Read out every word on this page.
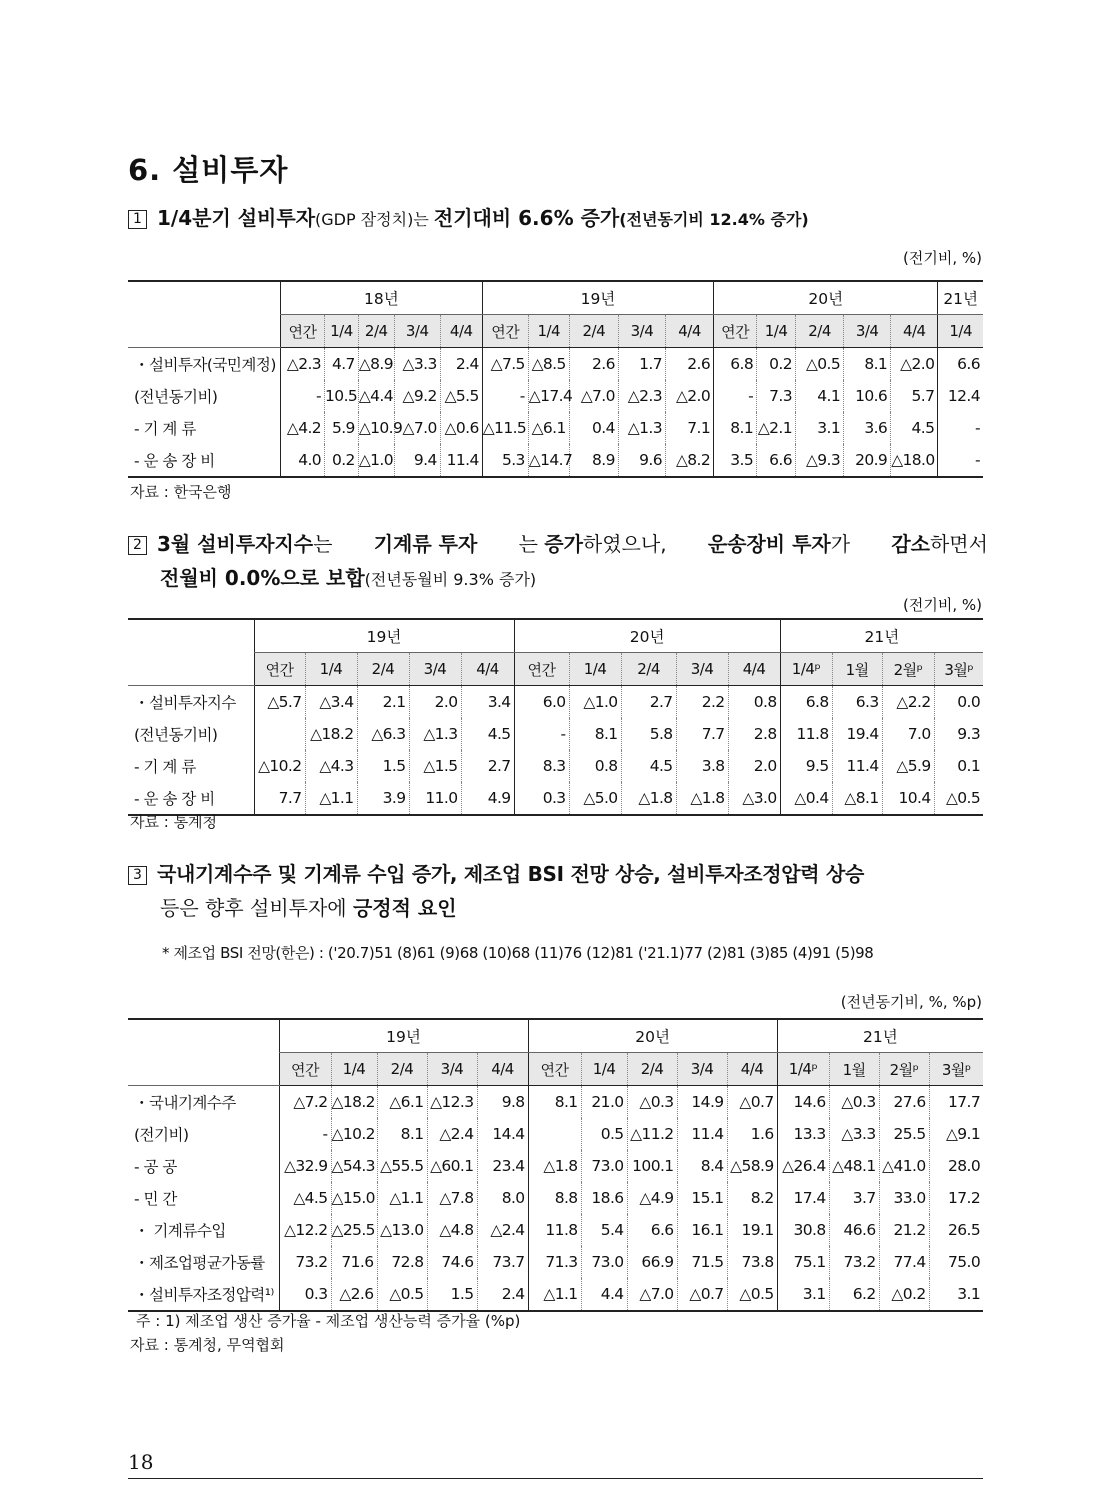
6. 설비투자
1 1/4분기 설비투자(GDP 잠정치)는 전기대비 6.6% 증가(전년동기비 12.4% 증가)
(전기비, %)
	18년					19년					20년					21년
	연간	1/4	2/4	3/4	4/4	연간	1/4	2/4	3/4	4/4	연간	1/4	2/4	3/4	4/4	1/4
・설비투자(국민계정)	△2.3	4.7	△8.9	△3.3	2.4	△7.5	△8.5	2.6	1.7	2.6	6.8	0.2	△0.5	8.1	△2.0	6.6
(전년동기비)	-	10.5	△4.4	△9.2	△5.5	-	△17.4	△7.0	△2.3	△2.0	-	7.3	4.1	10.6	5.7	12.4
- 기 계 류	△4.2	5.9	△10.9	△7.0	△0.6	△11.5	△6.1	0.4	△1.3	7.1	8.1	△2.1	3.1	3.6	4.5	-
- 운 송 장 비	4.0	0.2	△1.0	9.4	11.4	5.3	△14.7	8.9	9.6	△8.2	3.5	6.6	△9.3	20.9	△18.0	-
자료 : 한국은행
2 3월 설비투자지수는 기계류 투자 는 증가하였으나, 운송장비 투자가 감소하면서
전월비 0.0%으로 보합(전년동월비 9.3% 증가)
(전기비, %)
	19년					20년					21년			
	연간	1/4	2/4	3/4	4/4	연간	1/4	2/4	3/4	4/4	1/4ᵖ	1월	2월ᵖ	3월ᵖ
・설비투자지수	△5.7	△3.4	2.1	2.0	3.4	6.0	△1.0	2.7	2.2	0.8	6.8	6.3	△2.2	0.0
(전년동기비)		△18.2	△6.3	△1.3	4.5	-	8.1	5.8	7.7	2.8	11.8	19.4	7.0	9.3
- 기 계 류	△10.2	△4.3	1.5	△1.5	2.7	8.3	0.8	4.5	3.8	2.0	9.5	11.4	△5.9	0.1
- 운 송 장 비	7.7	△1.1	3.9	11.0	4.9	0.3	△5.0	△1.8	△1.8	△3.0	△0.4	△8.1	10.4	△0.5
자료 : 통계청
3 국내기계수주 및 기계류 수입 증가, 제조업 BSI 전망 상승, 설비투자조정압력 상승
등은 향후 설비투자에 긍정적 요인
* 제조업 BSI 전망(한은) : ('20.7)51 (8)61 (9)68 (10)68 (11)76 (12)81 ('21.1)77 (2)81 (3)85 (4)91 (5)98
(전년동기비, %, %p)
	19년					20년					21년			
	연간	1/4	2/4	3/4	4/4	연간	1/4	2/4	3/4	4/4	1/4ᵖ	1월	2월ᵖ	3월ᵖ
・국내기계수주	△7.2	△18.2	△6.1	△12.3	9.8	8.1	21.0	△0.3	14.9	△0.7	14.6	△0.3	27.6	17.7
(전기비)	-	△10.2	8.1	△2.4	14.4		0.5	△11.2	11.4	1.6	13.3	△3.3	25.5	△9.1
- 공 공	△32.9	△54.3	△55.5	△60.1	23.4	△1.8	73.0	100.1	8.4	△58.9	△26.4	△48.1	△41.0	28.0
- 민 간	△4.5	△15.0	△1.1	△7.8	8.0	8.8	18.6	△4.9	15.1	8.2	17.4	3.7	33.0	17.2
・ 기계류수입	△12.2	△25.5	△13.0	△4.8	△2.4	11.8	5.4	6.6	16.1	19.1	30.8	46.6	21.2	26.5
・제조업평균가동률	73.2	71.6	72.8	74.6	73.7	71.3	73.0	66.9	71.5	73.8	75.1	73.2	77.4	75.0
・설비투자조정압력¹⁾	0.3	△2.6	△0.5	1.5	2.4	△1.1	4.4	△7.0	△0.7	△0.5	3.1	6.2	△0.2	3.1
주 : 1) 제조업 생산 증가율 - 제조업 생산능력 증가율 (%p)
자료 : 통계청, 무역협회
18
